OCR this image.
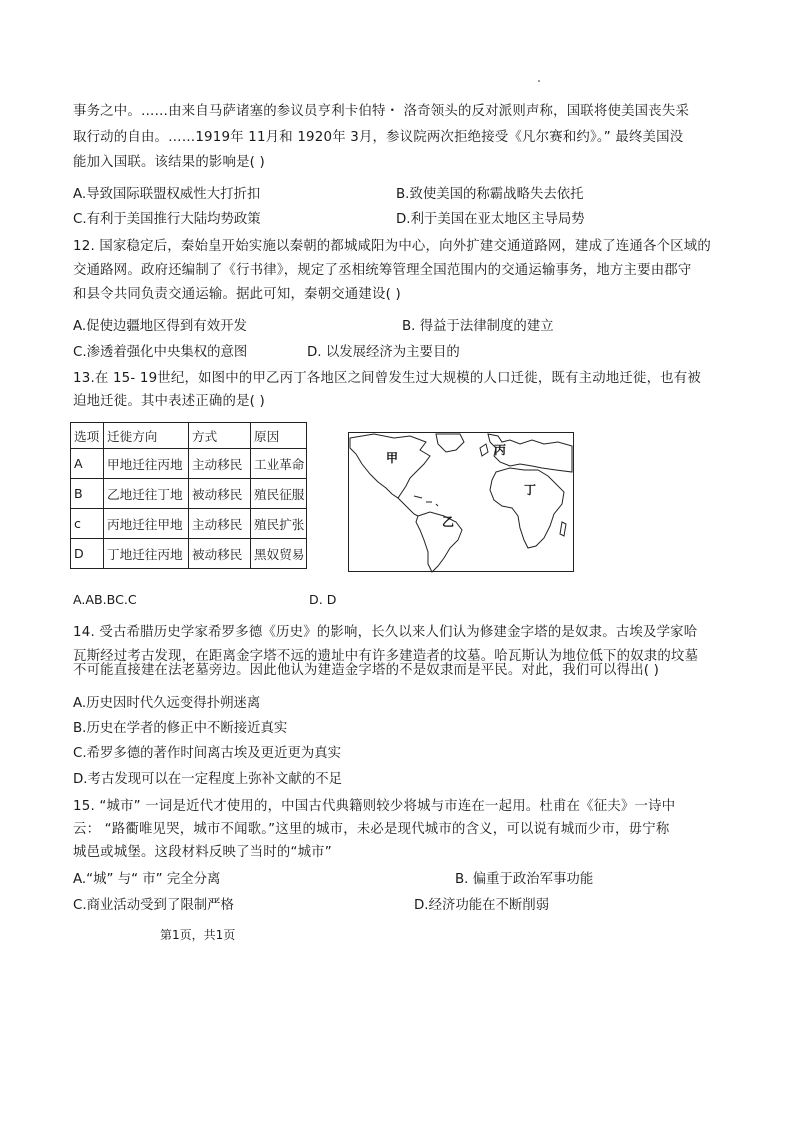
事务之中。……由来自马萨诸塞的参议员亨利卡伯特・ 洛奇领头的反对派则声称，国联将使美国丧失采
取行动的自由。……1919年 11月和 1920年 3月，参议院两次拒绝接受《凡尔赛和约》。” 最终美国没
能加入国联。该结果的影响是( )
A.导致国际联盟权威性大打折扣	B.致使美国的称霸战略失去依托
C.有利于美国推行大陆均势政策	D.利于美国在亚太地区主导局势
12. 国家稳定后，秦始皇开始实施以秦朝的都城咸阳为中心，向外扩建交通道路网，建成了连通各个区域的
交通路网。政府还编制了《行书律》，规定了丞相统筹管理全国范围内的交通运输事务，地方主要由郡守
和县令共同负责交通运输。据此可知，秦朝交通建设( )
A.促使边疆地区得到有效开发	B. 得益于法律制度的建立
C.渗透着强化中央集权的意图	D. 以发展经济为主要目的
13.在 15- 19世纪，如图中的甲乙丙丁各地区之间曾发生过大规模的人口迁徙，既有主动地迁徙，也有被
迫地迁徙。其中表述正确的是( )
选项	迁徙方向	方式	原因
A	甲地迁往丙地	主动移民	工业革命
B	乙地迁往丁地	被动移民	殖民征服
c	丙地迁往甲地	主动移民	殖民扩张
D	丁地迁往丙地	被动移民	黑奴贸易
甲
乙
丙
丁
A.AB.BC.C	D. D
14. 受古希腊历史学家希罗多德《历史》的影响，长久以来人们认为修建金字塔的是奴隶。古埃及学家哈
瓦斯经过考古发现，在距离金字塔不远的遗址中有许多建造者的坟墓。哈瓦斯认为地位低下的奴隶的坟墓
不可能直接建在法老墓旁边。因此他认为建造金字塔的不是奴隶而是平民。对此，我们可以得出( )
A.历史因时代久远变得扑朔迷离
B.历史在学者的修正中不断接近真实
C.希罗多德的著作时间离古埃及更近更为真实
D.考古发现可以在一定程度上弥补文献的不足
15. “城市” 一词是近代才使用的，中国古代典籍则较少将城与市连在一起用。杜甫在《征夫》一诗中
云： “路衢唯见哭，城市不闻歌。”这里的城市，未必是现代城市的含义，可以说有城而少市，毋宁称
城邑或城堡。这段材料反映了当时的“城市”
A.“城” 与“ 市” 完全分离	B. 偏重于政治军事功能
C.商业活动受到了限制严格	D.经济功能在不断削弱
第1页，共1页
